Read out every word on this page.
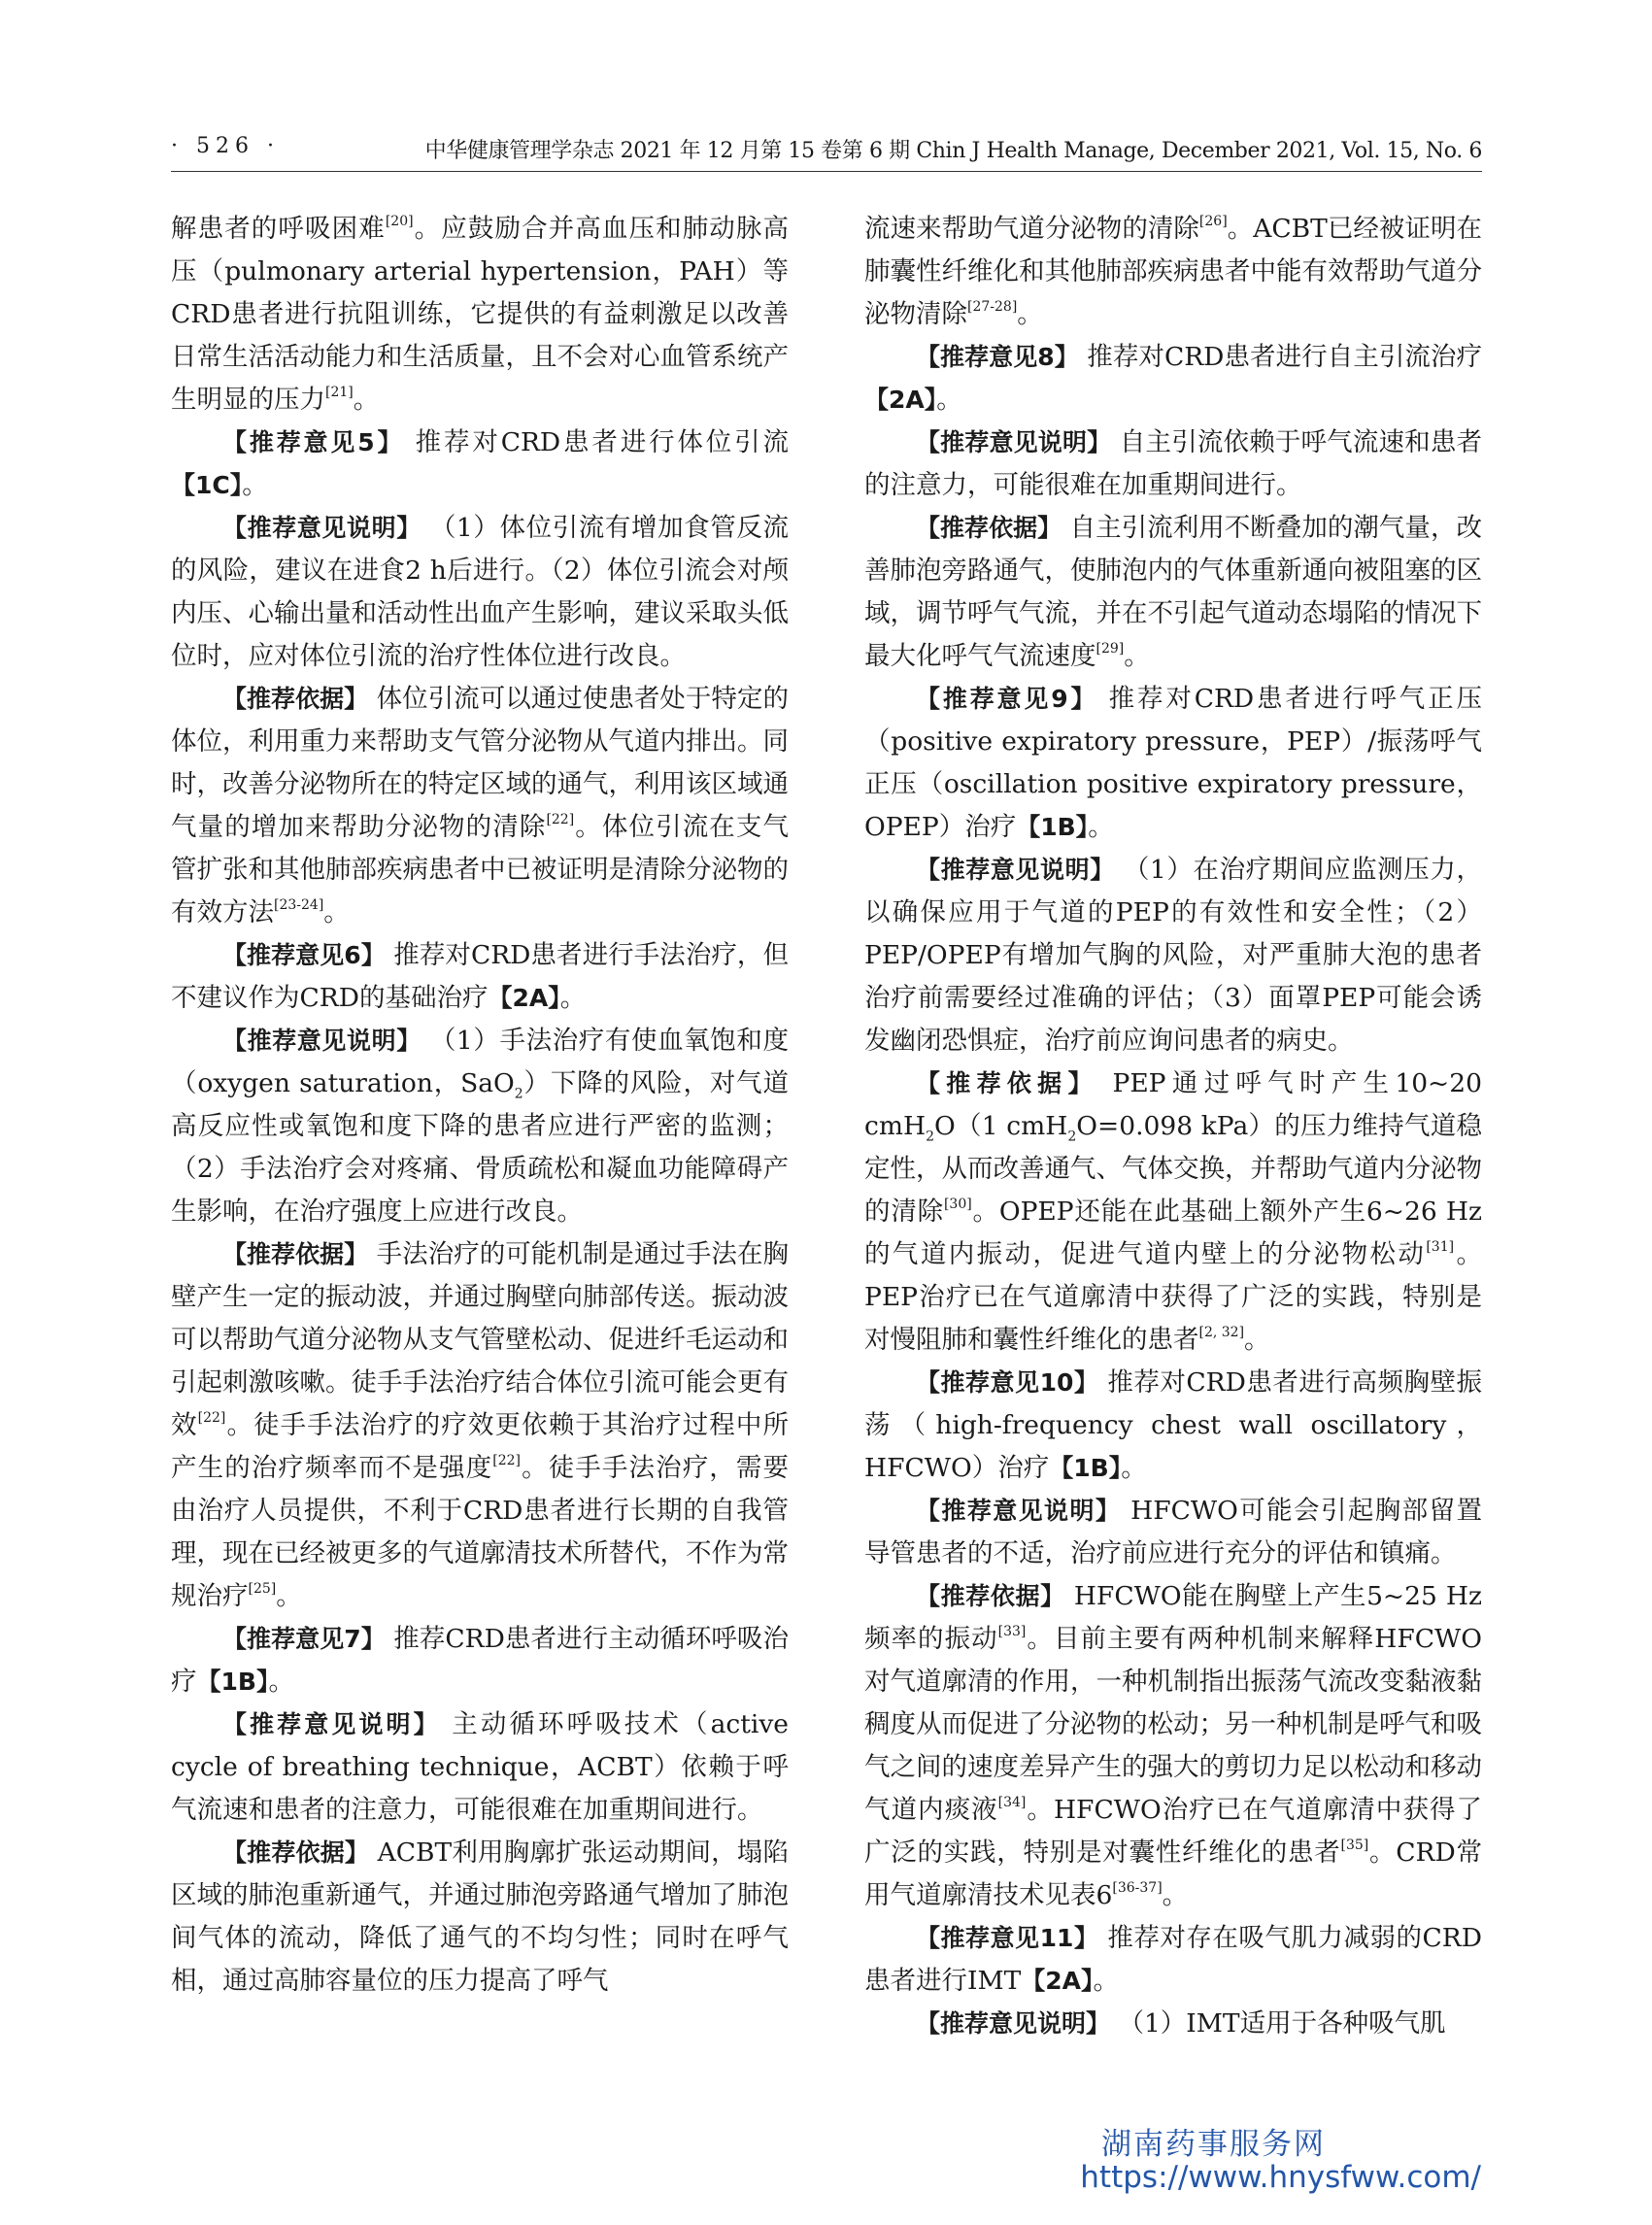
· 526 ·	中华健康管理学杂志 2021 年 12 月第 15 卷第 6 期 Chin J Health Manage, December 2021, Vol. 15, No. 6

解患者的呼吸困难[20]。应鼓励合并高血压和肺动脉高压（pulmonary arterial hypertension，PAH）等CRD患者进行抗阻训练，它提供的有益刺激足以改善日常生活活动能力和生活质量，且不会对心血管系统产生明显的压力[21]。

【推荐意见5】 推荐对CRD患者进行体位引流【1C】。

【推荐意见说明】 （1）体位引流有增加食管反流的风险，建议在进食2 h后进行。（2）体位引流会对颅内压、心输出量和活动性出血产生影响，建议采取头低位时，应对体位引流的治疗性体位进行改良。

【推荐依据】 体位引流可以通过使患者处于特定的体位，利用重力来帮助支气管分泌物从气道内排出。同时，改善分泌物所在的特定区域的通气，利用该区域通气量的增加来帮助分泌物的清除[22]。体位引流在支气管扩张和其他肺部疾病患者中已被证明是清除分泌物的有效方法[23-24]。

【推荐意见6】 推荐对CRD患者进行手法治疗，但不建议作为CRD的基础治疗【2A】。

【推荐意见说明】 （1）手法治疗有使血氧饱和度（oxygen saturation，SaO$_2$）下降的风险，对气道高反应性或氧饱和度下降的患者应进行严密的监测；（2）手法治疗会对疼痛、骨质疏松和凝血功能障碍产生影响，在治疗强度上应进行改良。

【推荐依据】 手法治疗的可能机制是通过手法在胸壁产生一定的振动波，并通过胸壁向肺部传送。振动波可以帮助气道分泌物从支气管壁松动、促进纤毛运动和引起刺激咳嗽。徒手手法治疗结合体位引流可能会更有效[22]。徒手手法治疗的疗效更依赖于其治疗过程中所产生的治疗频率而不是强度[22]。徒手手法治疗，需要由治疗人员提供，不利于CRD患者进行长期的自我管理，现在已经被更多的气道廓清技术所替代，不作为常规治疗[25]。

【推荐意见7】 推荐CRD患者进行主动循环呼吸治疗【1B】。

【推荐意见说明】 主动循环呼吸技术（active cycle of breathing technique，ACBT）依赖于呼气流速和患者的注意力，可能很难在加重期间进行。

【推荐依据】 ACBT利用胸廓扩张运动期间，塌陷区域的肺泡重新通气，并通过肺泡旁路通气增加了肺泡间气体的流动，降低了通气的不均匀性；同时在呼气相，通过高肺容量位的压力提高了呼气

流速来帮助气道分泌物的清除[26]。ACBT已经被证明在肺囊性纤维化和其他肺部疾病患者中能有效帮助气道分泌物清除[27-28]。

【推荐意见8】 推荐对CRD患者进行自主引流治疗【2A】。

【推荐意见说明】 自主引流依赖于呼气流速和患者的注意力，可能很难在加重期间进行。

【推荐依据】 自主引流利用不断叠加的潮气量，改善肺泡旁路通气，使肺泡内的气体重新通向被阻塞的区域，调节呼气气流，并在不引起气道动态塌陷的情况下最大化呼气气流速度[29]。

【推荐意见9】 推荐对CRD患者进行呼气正压（positive expiratory pressure，PEP）/振荡呼气正压（oscillation positive expiratory pressure，OPEP）治疗【1B】。

【推荐意见说明】 （1）在治疗期间应监测压力，以确保应用于气道的PEP的有效性和安全性；（2）PEP/OPEP有增加气胸的风险，对严重肺大泡的患者治疗前需要经过准确的评估；（3）面罩PEP可能会诱发幽闭恐惧症，治疗前应询问患者的病史。

【推荐依据】 PEP通过呼气时产生10~20 cmH$_2$O（1 cmH$_2$O=0.098 kPa）的压力维持气道稳定性，从而改善通气、气体交换，并帮助气道内分泌物的清除[30]。OPEP还能在此基础上额外产生6~26 Hz的气道内振动，促进气道内壁上的分泌物松动[31]。PEP治疗已在气道廓清中获得了广泛的实践，特别是对慢阻肺和囊性纤维化的患者[2, 32]。

【推荐意见10】 推荐对CRD患者进行高频胸壁振荡（high-frequency chest wall oscillatory，HFCWO）治疗【1B】。

【推荐意见说明】 HFCWO可能会引起胸部留置导管患者的不适，治疗前应进行充分的评估和镇痛。

【推荐依据】 HFCWO能在胸壁上产生5~25 Hz频率的振动[33]。目前主要有两种机制来解释HFCWO对气道廓清的作用，一种机制指出振荡气流改变黏液黏稠度从而促进了分泌物的松动；另一种机制是呼气和吸气之间的速度差异产生的强大的剪切力足以松动和移动气道内痰液[34]。HFCWO治疗已在气道廓清中获得了广泛的实践，特别是对囊性纤维化的患者[35]。CRD常用气道廓清技术见表6[36-37]。

【推荐意见11】 推荐对存在吸气肌力减弱的CRD患者进行IMT【2A】。

【推荐意见说明】 （1）IMT适用于各种吸气肌

湖南药事服务网
https://www.hnysfww.com/
